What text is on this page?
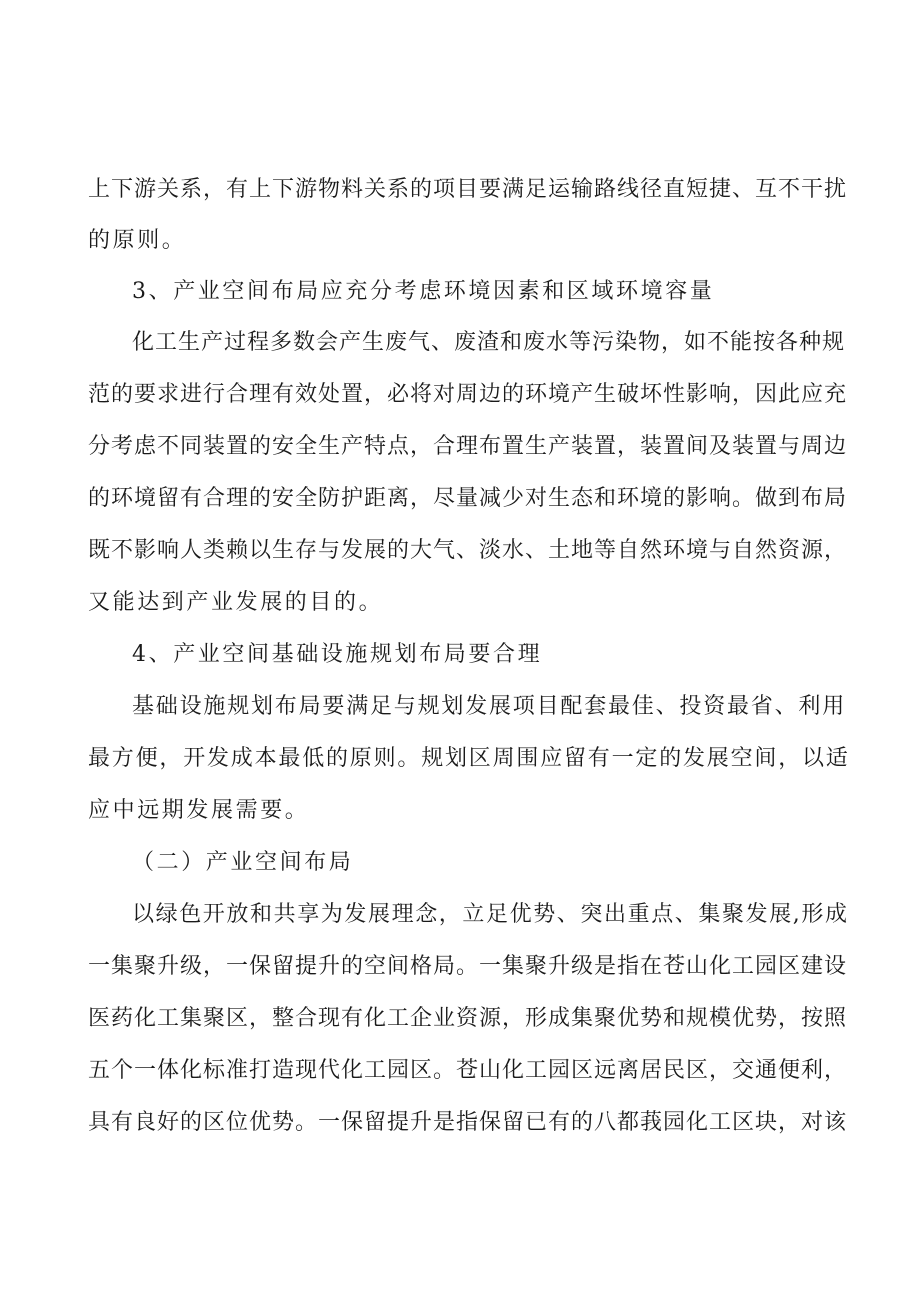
上下游关系，有上下游物料关系的项目要满足运输路线径直短捷、互不干扰
的原则。
3、产业空间布局应充分考虑环境因素和区域环境容量
化工生产过程多数会产生废气、废渣和废水等污染物，如不能按各种规
范的要求进行合理有效处置，必将对周边的环境产生破坏性影响，因此应充
分考虑不同装置的安全生产特点，合理布置生产装置，装置间及装置与周边
的环境留有合理的安全防护距离，尽量减少对生态和环境的影响。做到布局
既不影响人类赖以生存与发展的大气、淡水、土地等自然环境与自然资源，
又能达到产业发展的目的。
4、产业空间基础设施规划布局要合理
基础设施规划布局要满足与规划发展项目配套最佳、投资最省、利用
最方便，开发成本最低的原则。规划区周围应留有一定的发展空间，以适
应中远期发展需要。
（二）产业空间布局
以绿色开放和共享为发展理念，立足优势、突出重点、集聚发展,形成
一集聚升级，一保留提升的空间格局。一集聚升级是指在苍山化工园区建设
医药化工集聚区，整合现有化工企业资源，形成集聚优势和规模优势，按照
五个一体化标准打造现代化工园区。苍山化工园区远离居民区，交通便利，
具有良好的区位优势。一保留提升是指保留已有的八都莪园化工区块，对该
